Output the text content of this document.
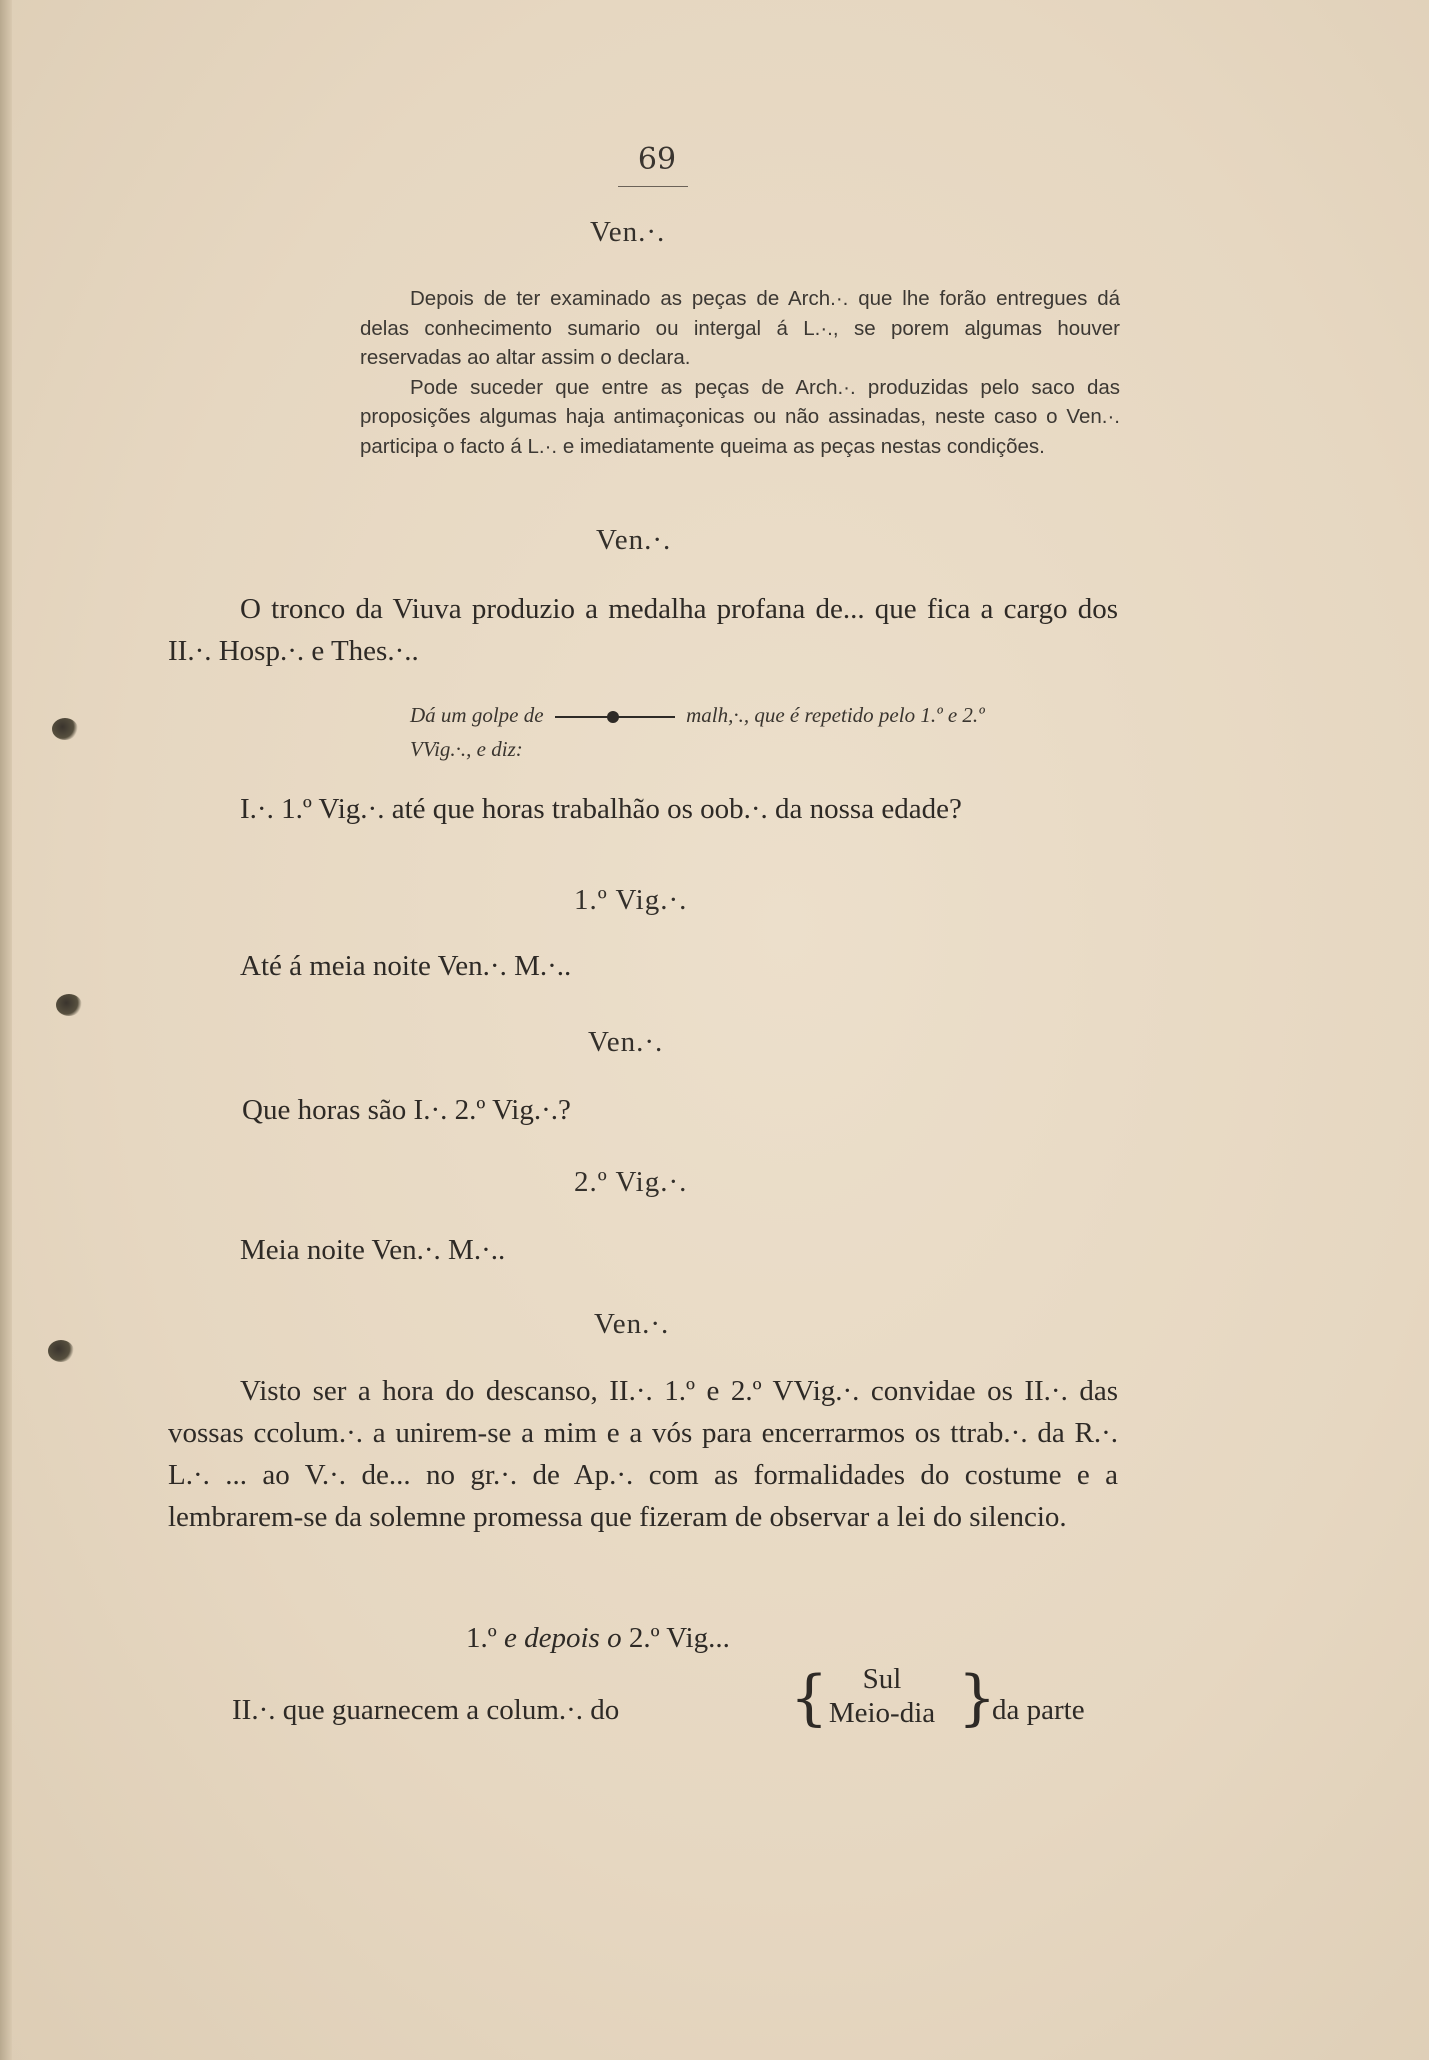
69
Ven.·.

Depois de ter examinado as peças de Arch.·. que lhe forão entregues dá delas conhecimento sumario ou intergal á L.·., se porem algumas houver reservadas ao altar assim o declara.

Pode suceder que entre as peças de Arch.·. produzidas pelo saco das proposições algumas haja antimaçonicas ou não assinadas, neste caso o Ven.·. participa o facto á L.·. e imediatamente queima as peças nestas condições.

Ven.·.

O tronco da Viuva produzio a medalha profana de... que fica a cargo dos II.·. Hosp.·. e Thes.·..

Dá um golpe de	malh,·., que é repetido pelo 1.º e 2.º
VVig.·., e diz:

I.·. 1.º Vig.·. até que horas trabalhão os oob.·. da nossa edade?

1.º Vig.·.
Até á meia noite Ven.·. M.·..
Ven.·.
Que horas são I.·. 2.º Vig.·.?
2.º Vig.·.
Meia noite Ven.·. M.·..
Ven.·.

Visto ser a hora do descanso, II.·. 1.º e 2.º VVig.·. convidae os II.·. das vossas ccolum.·. a unirem-se a mim e a vós para encerrarmos os ttrab.·. da R.·. L.·. ... ao V.·. de... no gr.·. de Ap.·. com as formalidades do costume e a lembrarem-se da solemne promessa que fizeram de observar a lei do silencio.

1.º e depois o 2.º Vig...
II.·. que guarnecem a colum.·. do	{	Sul
Meio-dia }
da parte
